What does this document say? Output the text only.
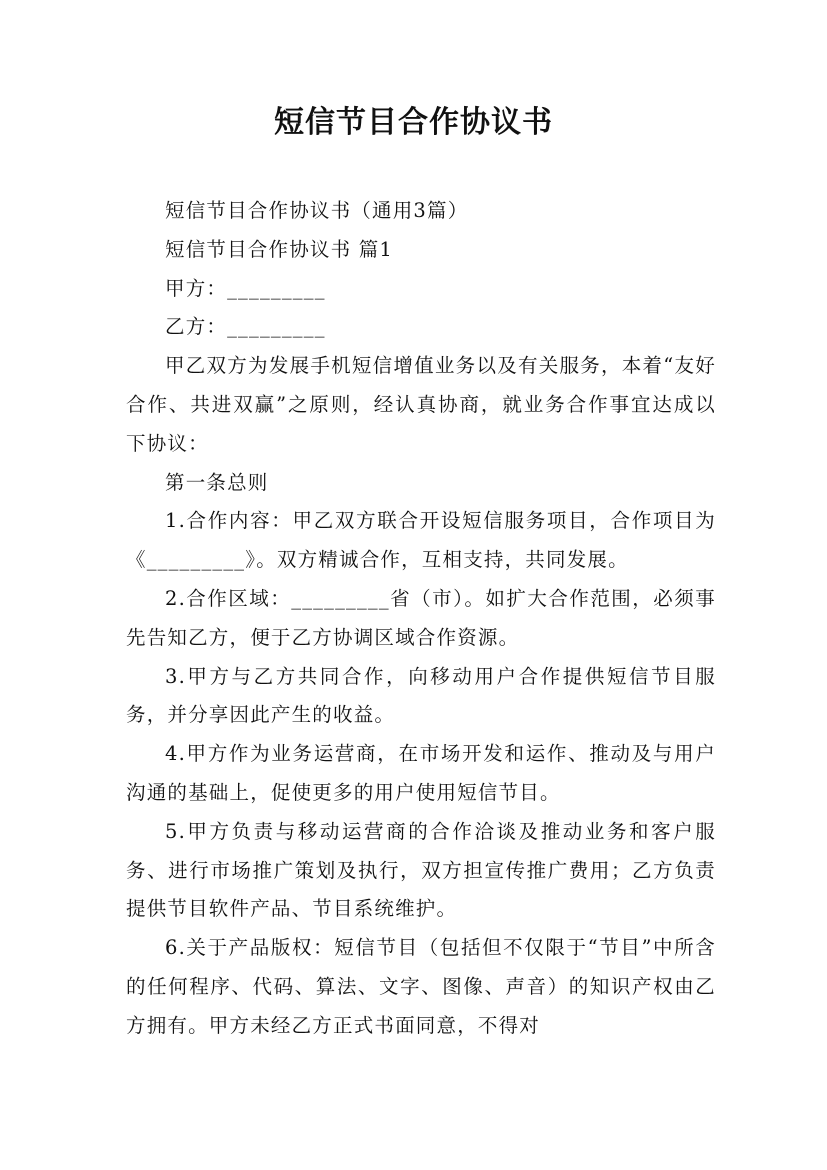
短信节目合作协议书

短信节目合作协议书（通用3篇）

短信节目合作协议书 篇1

甲方：_________

乙方：_________

甲乙双方为发展手机短信增值业务以及有关服务，本着“友好合作、共进双赢”之原则，经认真协商，就业务合作事宜达成以下协议：

第一条总则

1.合作内容：甲乙双方联合开设短信服务项目，合作项目为《_________》。双方精诚合作，互相支持，共同发展。

2.合作区域：_________省（市）。如扩大合作范围，必须事先告知乙方，便于乙方协调区域合作资源。

3.甲方与乙方共同合作，向移动用户合作提供短信节目服务，并分享因此产生的收益。

4.甲方作为业务运营商，在市场开发和运作、推动及与用户沟通的基础上，促使更多的用户使用短信节目。

5.甲方负责与移动运营商的合作洽谈及推动业务和客户服务、进行市场推广策划及执行，双方担宣传推广费用；乙方负责提供节目软件产品、节目系统维护。

6.关于产品版权：短信节目（包括但不仅限于“节目”中所含的任何程序、代码、算法、文字、图像、声音）的知识产权由乙方拥有。甲方未经乙方正式书面同意，不得对
